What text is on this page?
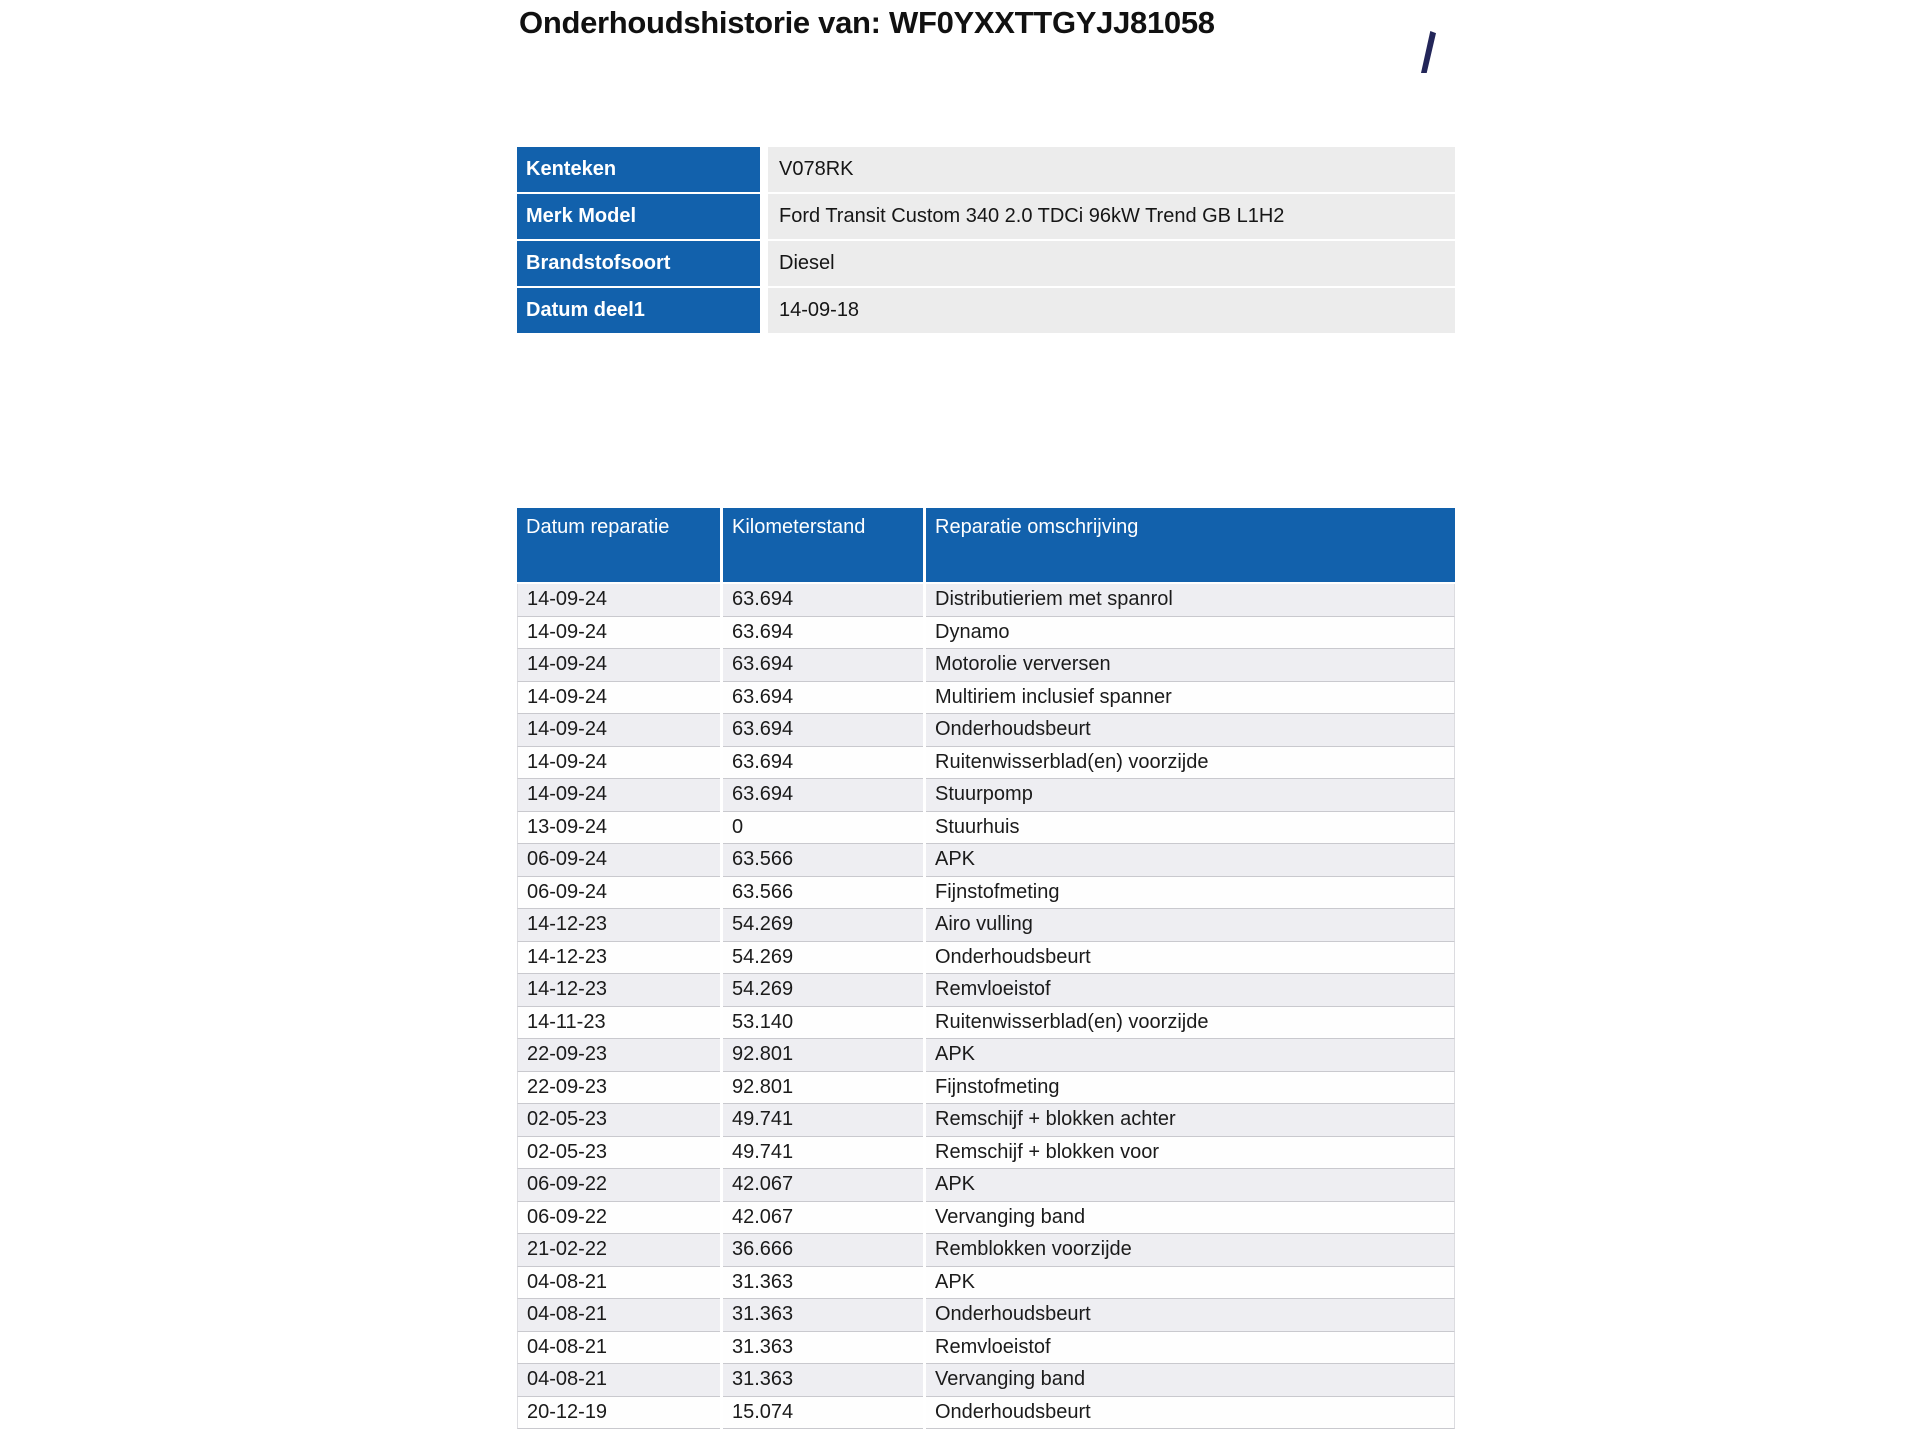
Onderhoudshistorie van: WF0YXXTTGYJJ81058
Kenteken	V078RK
Merk Model	Ford Transit Custom 340 2.0 TDCi 96kW Trend GB L1H2
Brandstofsoort	Diesel
Datum deel1	14-09-18
Datum reparatie	Kilometerstand	Reparatie omschrijving
14-09-24	63.694	Distributieriem met spanrol
14-09-24	63.694	Dynamo
14-09-24	63.694	Motorolie verversen
14-09-24	63.694	Multiriem inclusief spanner
14-09-24	63.694	Onderhoudsbeurt
14-09-24	63.694	Ruitenwisserblad(en) voorzijde
14-09-24	63.694	Stuurpomp
13-09-24	0	Stuurhuis
06-09-24	63.566	APK
06-09-24	63.566	Fijnstofmeting
14-12-23	54.269	Airo vulling
14-12-23	54.269	Onderhoudsbeurt
14-12-23	54.269	Remvloeistof
14-11-23	53.140	Ruitenwisserblad(en) voorzijde
22-09-23	92.801	APK
22-09-23	92.801	Fijnstofmeting
02-05-23	49.741	Remschijf + blokken achter
02-05-23	49.741	Remschijf + blokken voor
06-09-22	42.067	APK
06-09-22	42.067	Vervanging band
21-02-22	36.666	Remblokken voorzijde
04-08-21	31.363	APK
04-08-21	31.363	Onderhoudsbeurt
04-08-21	31.363	Remvloeistof
04-08-21	31.363	Vervanging band
20-12-19	15.074	Onderhoudsbeurt
